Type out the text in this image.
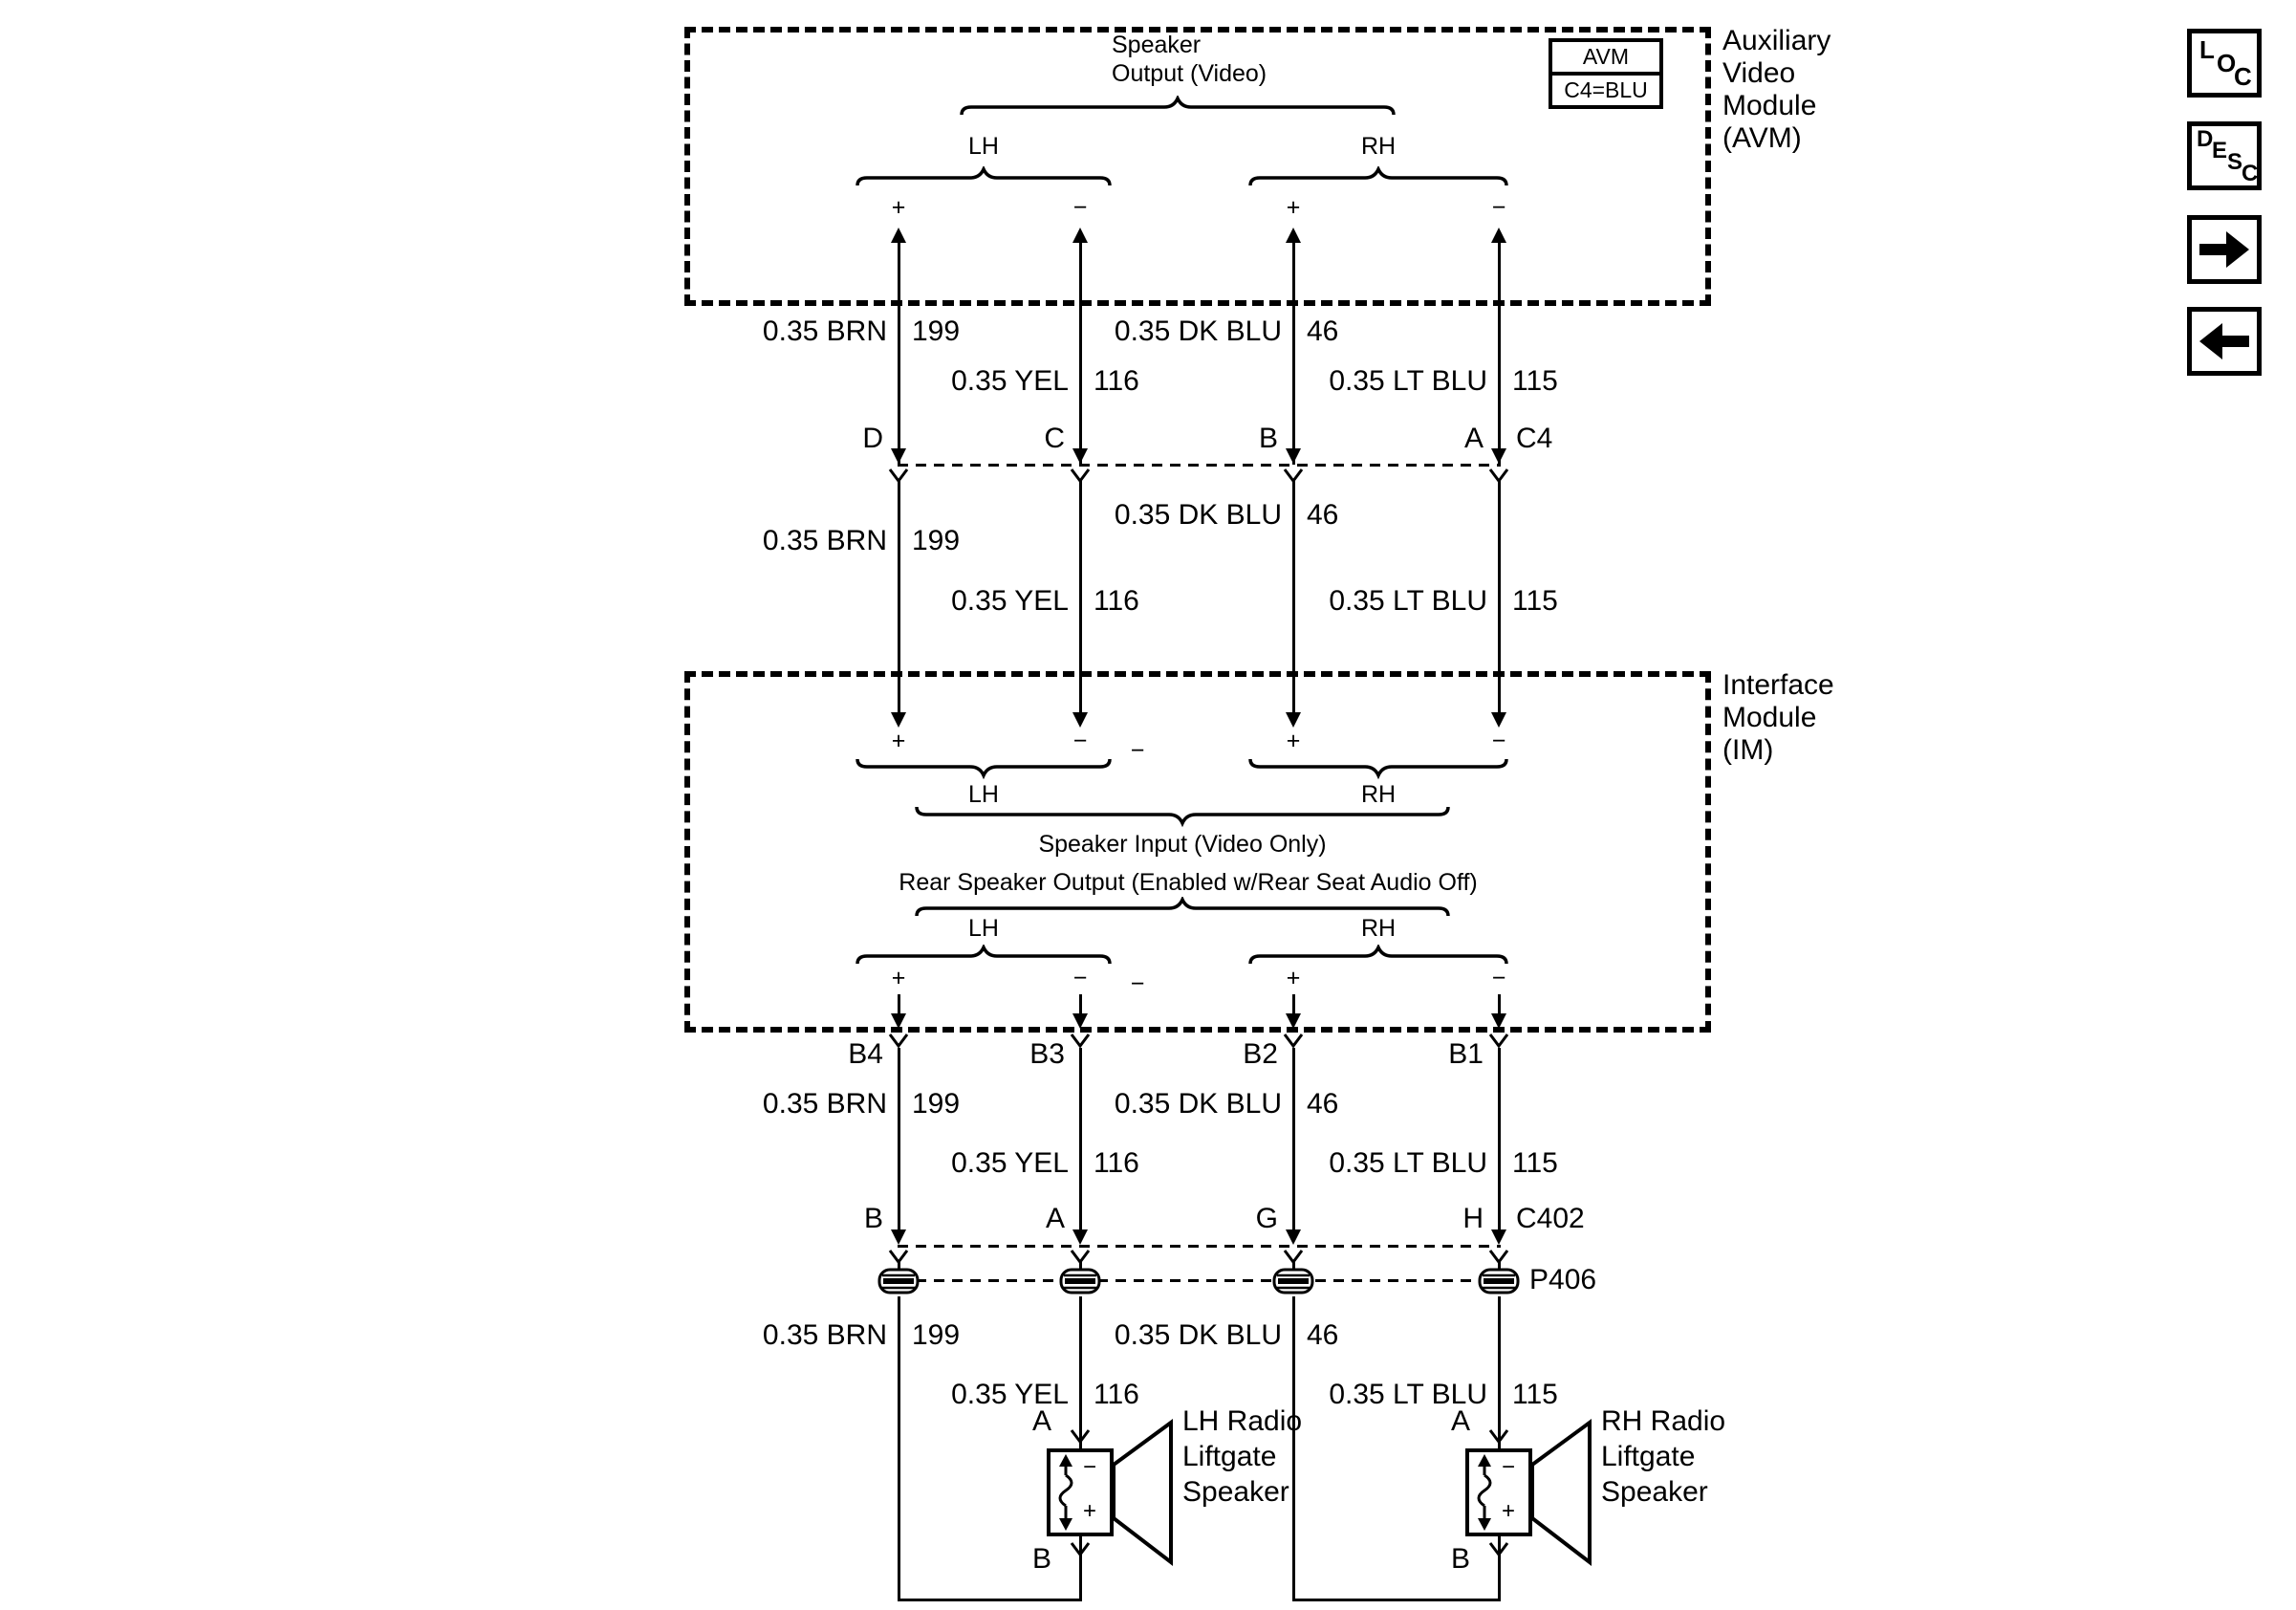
Speaker
Output (Video)
LH	RH
+	−	+	−
AVM
C4=BLU
Auxiliary
Video
Module
(AVM)
0.35 BRN 199	0.35 DK BLU 46
0.35 YEL 116	0.35 LT BLU 115
D	C	B	A C4
0.35 DK BLU 46
0.35 BRN 199
0.35 YEL 116	0.35 LT BLU 115
Interface
Module
(IM)
+	− −	+	−
LH	RH
Speaker Input (Video Only)
Rear Speaker Output (Enabled w/Rear Seat Audio Off)
LH	RH
+	− −	+	−
B4	B3	B2	B1
0.35 BRN 199	0.35 DK BLU 46
0.35 YEL 116	0.35 LT BLU 115
B	A	G	H C402
P406
0.35 BRN 199	0.35 DK BLU 46
0.35 YEL 116	0.35 LT BLU 115
A
−
+
LH Radio
Liftgate
Speaker
B
A
−
+
RH Radio
Liftgate
Speaker
B
L O
C
D
E S
C
